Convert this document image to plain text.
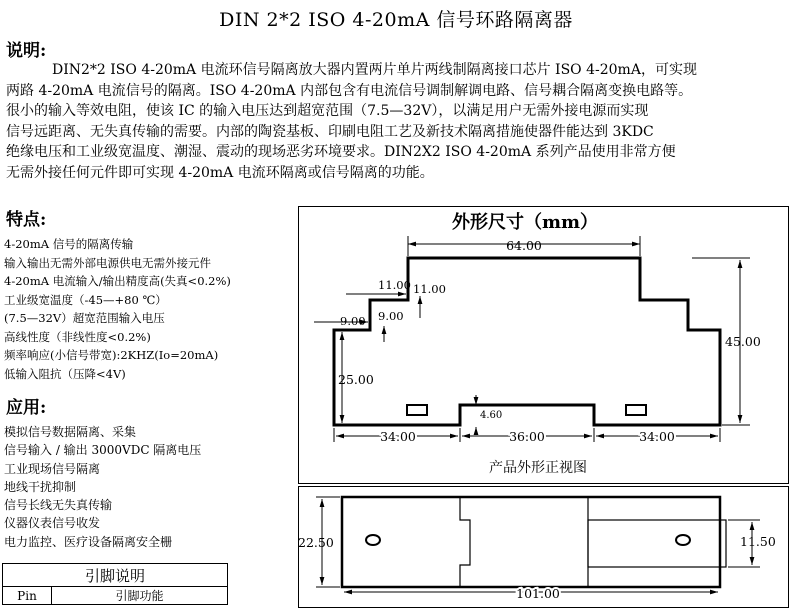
DIN 2*2 ISO 4-20mA 信号环路隔离器
说明:
DIN2*2 ISO 4-20mA 电流环信号隔离放大器内置两片单片两线制隔离接口芯片 ISO 4-20mA，可实现
两路 4-20mA 电流信号的隔离。ISO 4-20mA 内部包含有电流信号调制解调电路、信号耦合隔离变换电路等。
很小的输入等效电阻，使该 IC 的输入电压达到超宽范围（7.5—32V），以满足用户无需外接电源而实现
信号远距离、无失真传输的需要。内部的陶瓷基板、印刷电阻工艺及新技术隔离措施使器件能达到 3KDC
绝缘电压和工业级宽温度、潮湿、震动的现场恶劣环境要求。DIN2X2 ISO 4-20mA 系列产品使用非常方便
无需外接任何元件即可实现 4-20mA 电流环隔离或信号隔离的功能。
特点:
4-20mA 信号的隔离传输
输入输出无需外部电源供电无需外接元件
4-20mA 电流输入/输出精度高(失真<0.2%)
工业级宽温度（-45—+80 ℃）
(7.5—32V）超宽范围输入电压
高线性度（非线性度<0.2%)
频率响应(小信号带宽):2KHZ(Io=20mA)
低输入阻抗（压降<4V)
应用:
模拟信号数据隔离、采集
信号输入 / 输出 3000VDC 隔离电压
工业现场信号隔离
地线干扰抑制
信号长线无失真传输
仪器仪表信号收发
电力监控、医疗设备隔离安全栅
引脚说明
Pin	引脚功能
外形尺寸（mm）
64.00
11.00 11.00
9.00 9.00
45.00
25.00
4.60
34.00	36.00	34.00
产品外形正视图
22.50	11.50
101.00
